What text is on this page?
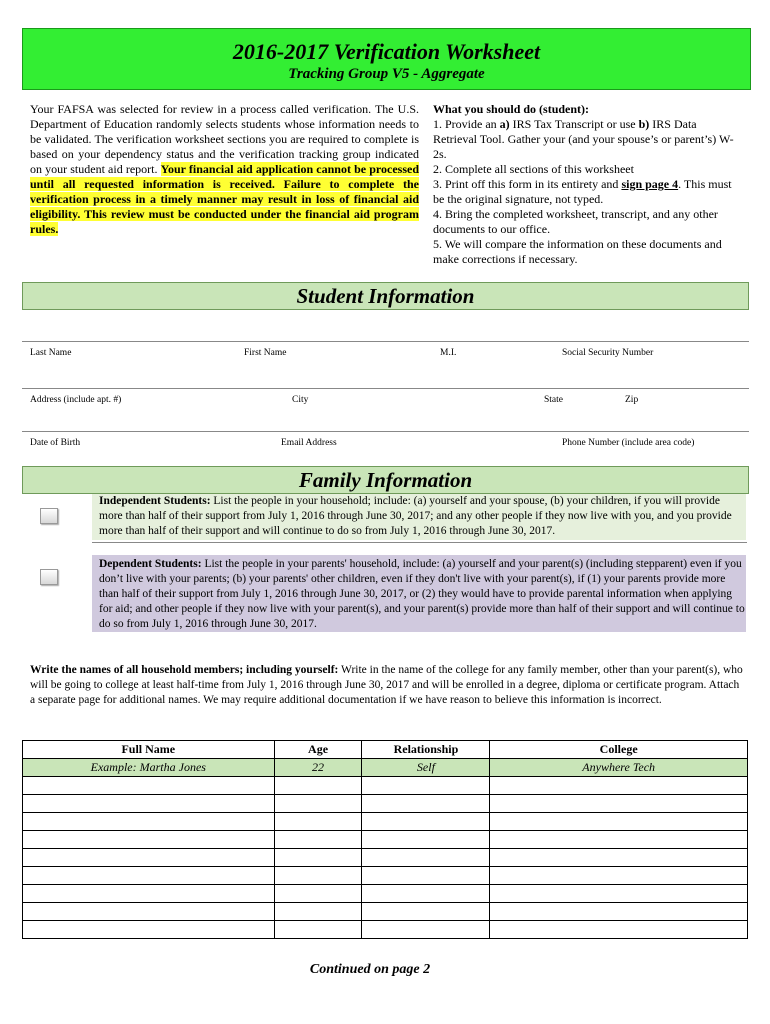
2016-2017 Verification Worksheet
Tracking Group V5 - Aggregate
Your FAFSA was selected for review in a process called verification. The U.S. Department of Education randomly selects students whose information needs to be validated. The verification worksheet sections you are required to complete is based on your dependency status and the verification tracking group indicated on your student aid report. Your financial aid application cannot be processed until all requested information is received. Failure to complete the verification process in a timely manner may result in loss of financial aid eligibility. This review must be conducted under the financial aid program rules.

What you should do (student):

1. Provide an a) IRS Tax Transcript or use b) IRS Data Retrieval Tool. Gather your (and your spouse’s or parent’s) W-2s.

2. Complete all sections of this worksheet

3. Print off this form in its entirety and sign page 4. This must be the original signature, not typed.

4. Bring the completed worksheet, transcript, and any other documents to our office.

5. We will compare the information on these documents and make corrections if necessary.

Student Information
Last Name	First Name	M.I.	Social Security Number
Address (include apt. #)	City	State	Zip
Date of Birth	Email Address	Phone Number (include area code)
Family Information
Independent Students: List the people in your household; include: (a) yourself and your spouse, (b) your children, if you will provide more than half of their support from July 1, 2016 through June 30, 2017; and any other people if they now live with you, and you provide more than half of their support and will continue to do so from July 1, 2016 through June 30, 2017.
Dependent Students: List the people in your parents' household, include: (a) yourself and your parent(s) (including stepparent) even if you don’t live with your parents; (b) your parents' other children, even if they don't live with your parent(s), if (1) your parents provide more than half of their support from July 1, 2016 through June 30, 2017, or (2) they would have to provide parental information when applying for aid; and other people if they now live with your parent(s), and your parent(s) provide more than half of their support and will continue to do so from July 1, 2016 through June 30, 2017.
Write the names of all household members; including yourself: Write in the name of the college for any family member, other than your parent(s), who will be going to college at least half-time from July 1, 2016 through June 30, 2017 and will be enrolled in a degree, diploma or certificate program. Attach a separate page for additional names. We may require additional documentation if we have reason to believe this information is incorrect.
Full Name	Age	Relationship	College
Example: Martha Jones	22	Self	Anywhere Tech

Continued on page 2
